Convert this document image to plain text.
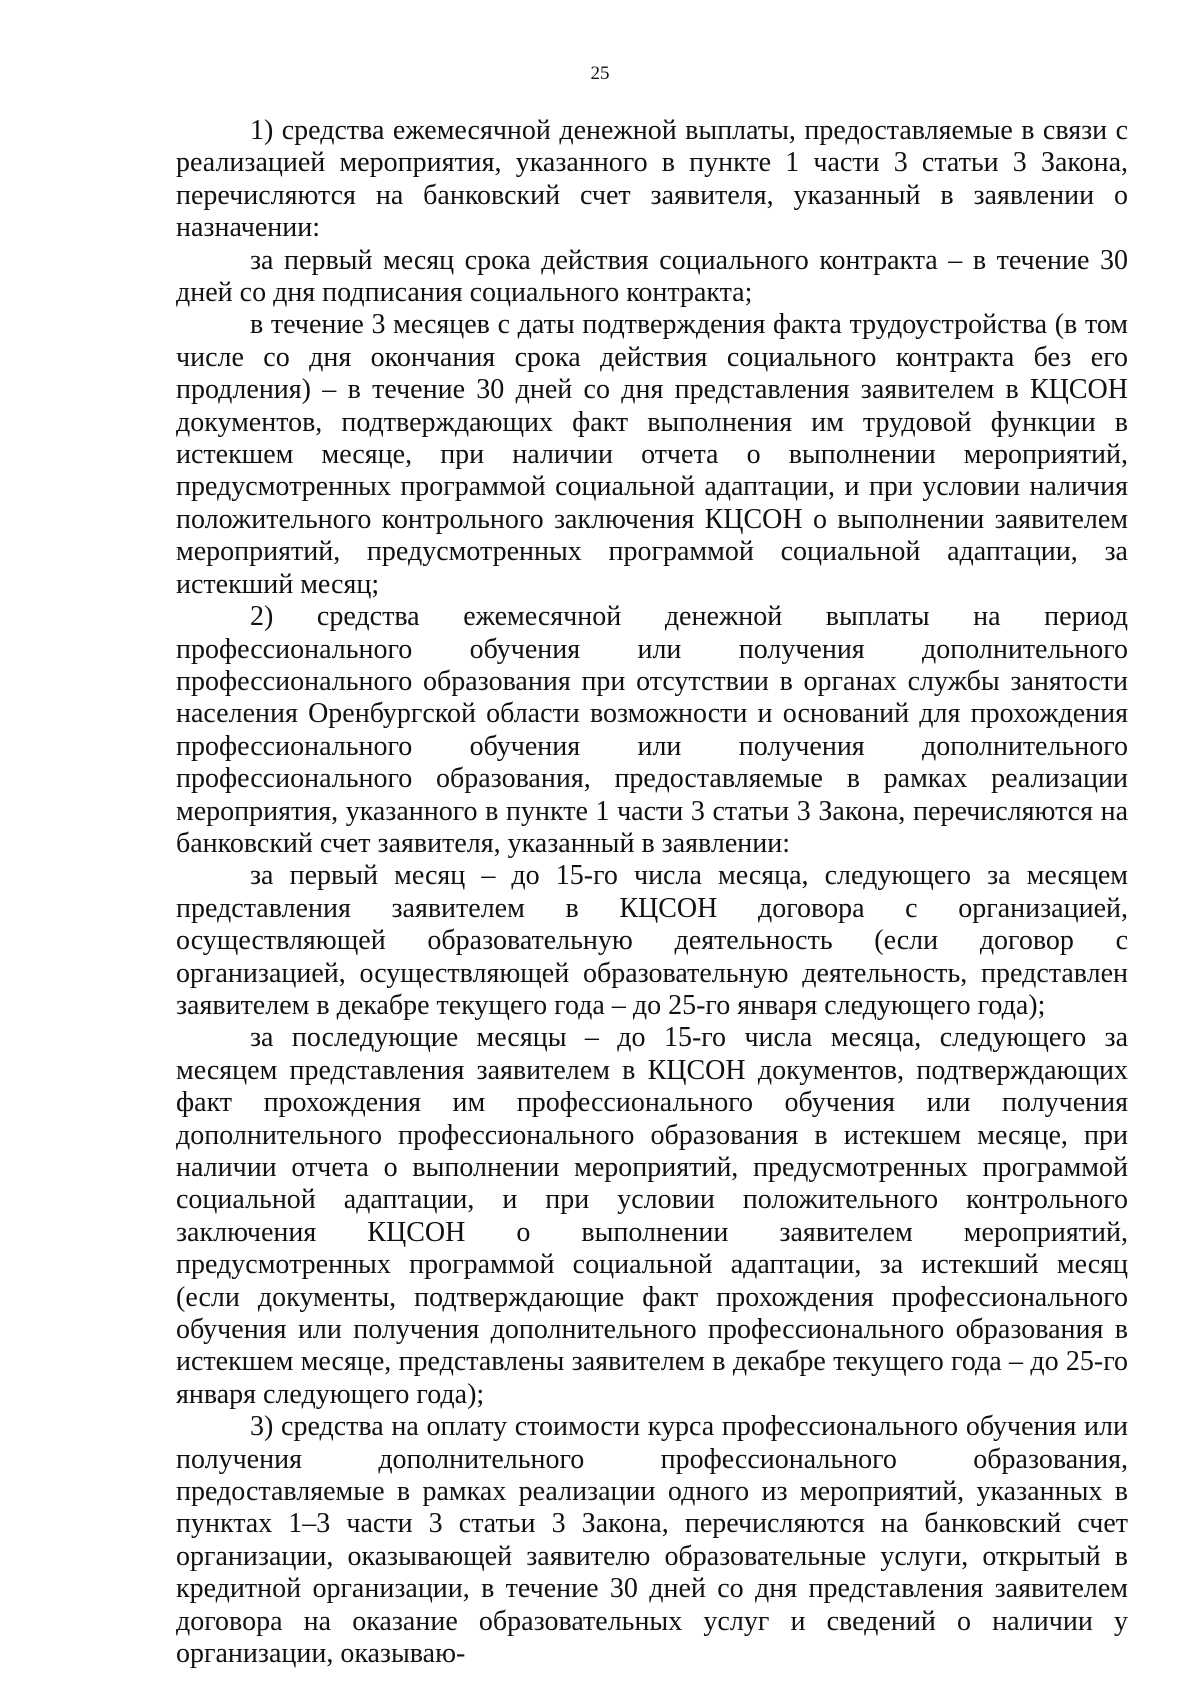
25

1) средства ежемесячной денежной выплаты, предоставляемые в связи с реализацией мероприятия, указанного в пункте 1 части 3 статьи 3 Закона, перечисляются на банковский счет заявителя, указанный в заявлении о назначении:

за первый месяц срока действия социального контракта – в течение 30 дней со дня подписания социального контракта;

в течение 3 месяцев с даты подтверждения факта трудоустройства (в том числе со дня окончания срока действия социального контракта без его продления) – в течение 30 дней со дня представления заявителем в КЦСОН документов, подтверждающих факт выполнения им трудовой функции в истекшем месяце, при наличии отчета о выполнении мероприятий, предусмотренных программой социальной адаптации, и при условии наличия положительного контрольного заключения КЦСОН о выполнении заявителем мероприятий, предусмотренных программой социальной адаптации, за истекший месяц;

2) средства ежемесячной денежной выплаты на период профессионального обучения или получения дополнительного профессионального образования при отсутствии в органах службы занятости населения Оренбургской области возможности и оснований для прохождения профессионального обучения или получения дополнительного профессионального образования, предоставляемые в рамках реализации мероприятия, указанного в пункте 1 части 3 статьи 3 Закона, перечисляются на банковский счет заявителя, указанный в заявлении:

за первый месяц – до 15-го числа месяца, следующего за месяцем представления заявителем в КЦСОН договора с организацией, осуществляющей образовательную деятельность (если договор с организацией, осуществляющей образовательную деятельность, представлен заявителем в декабре текущего года – до 25-го января следующего года);

за последующие месяцы – до 15-го числа месяца, следующего за месяцем представления заявителем в КЦСОН документов, подтверждающих факт прохождения им профессионального обучения или получения дополнительного профессионального образования в истекшем месяце, при наличии отчета о выполнении мероприятий, предусмотренных программой социальной адаптации, и при условии положительного контрольного заключения КЦСОН о выполнении заявителем мероприятий, предусмотренных программой социальной адаптации, за истекший месяц (если документы, подтверждающие факт прохождения профессионального обучения или получения дополнительного профессионального образования в истекшем месяце, представлены заявителем в декабре текущего года – до 25-го января следующего года);

3) средства на оплату стоимости курса профессионального обучения или получения дополнительного профессионального образования, предоставляемые в рамках реализации одного из мероприятий, указанных в пунктах 1–3 части 3 статьи 3 Закона, перечисляются на банковский счет организации, оказывающей заявителю образовательные услуги, открытый в кредитной организации, в течение 30 дней со дня представления заявителем договора на оказание образовательных услуг и сведений о наличии у организации, оказываю-
